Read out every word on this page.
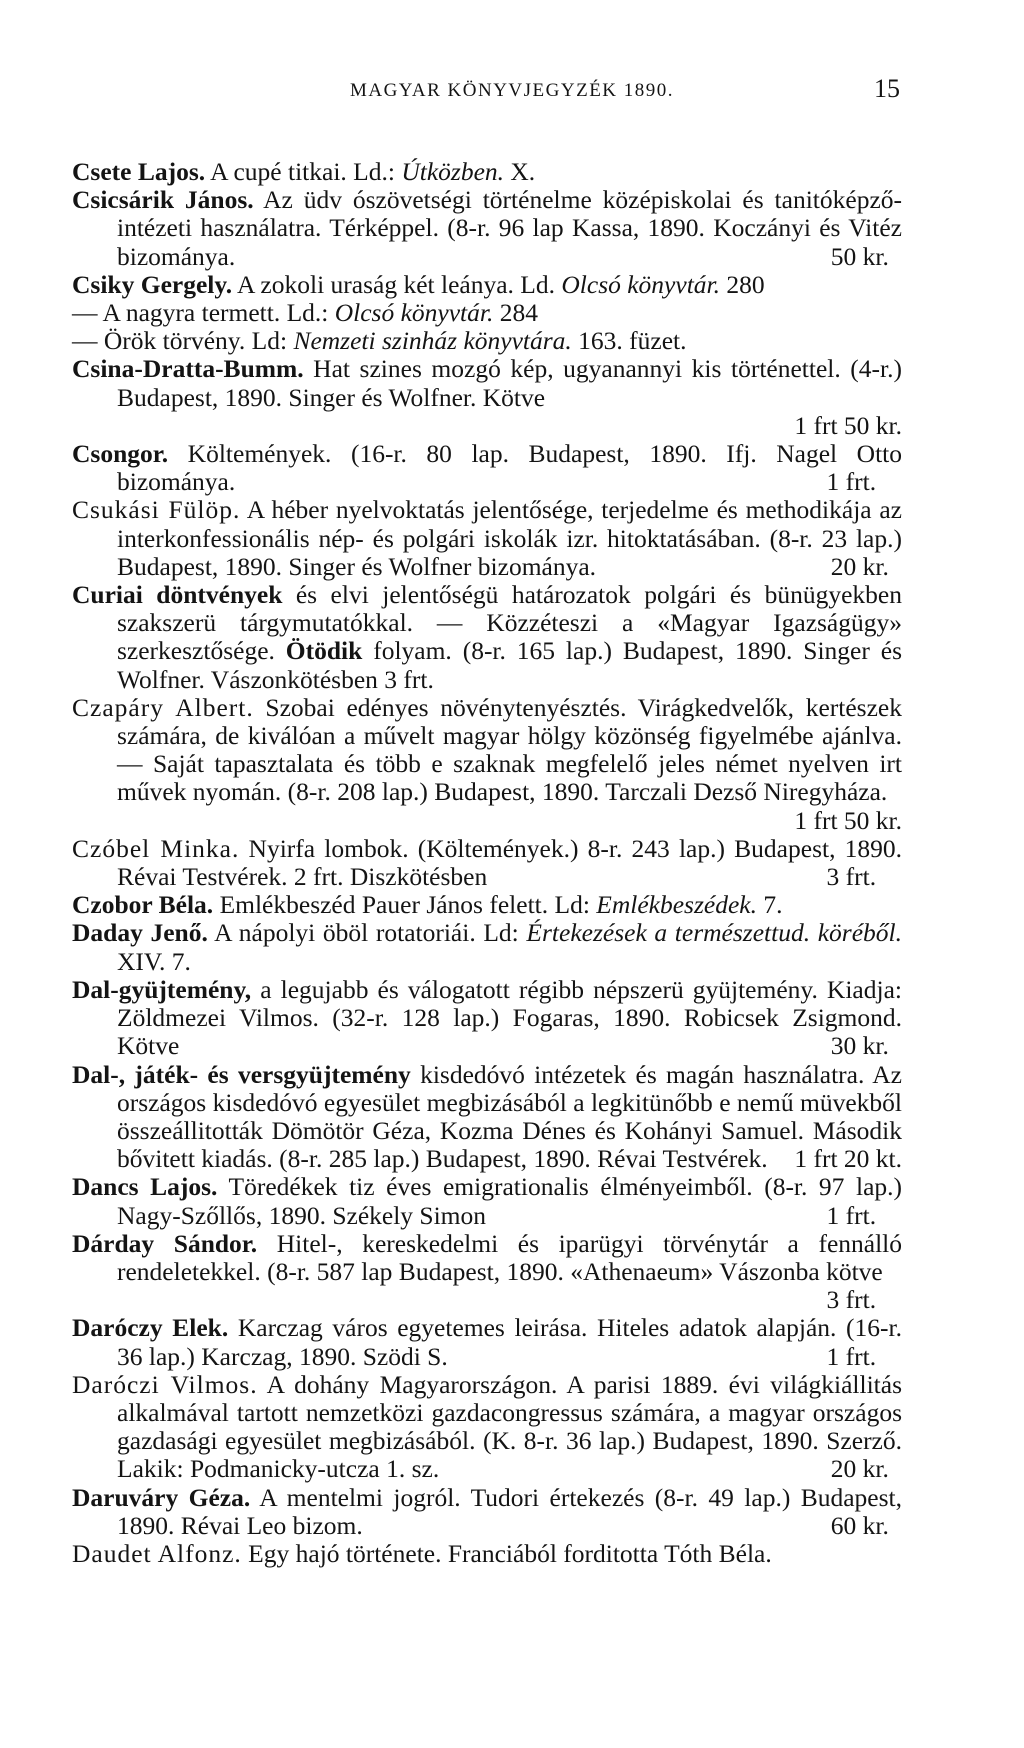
MAGYAR KÖNYVJEGYZÉK 1890.	15
Csete Lajos. A cupé titkai. Ld.: Útközben. X.
Csicsárik János. Az üdv ószövetségi történelme középiskolai és tanitóképző-intézeti használatra. Térképpel. (8-r. 96 lap Kassa, 1890. Koczányi és Vitéz bizománya.	50 kr.
Csiky Gergely. A zokoli uraság két leánya. Ld. Olcsó könyvtár. 280
— A nagyra termett. Ld.: Olcsó könyvtár. 284
— Örök törvény. Ld: Nemzeti szinház könyvtára. 163. füzet.
Csina-Dratta-Bumm. Hat szines mozgó kép, ugyanannyi kis történettel. (4-r.) Budapest, 1890. Singer és Wolfner. Kötve

1 frt 50 kr.
Csongor. Költemények. (16-r. 80 lap. Budapest, 1890. Ifj. Nagel Otto bizománya.	1 frt.
Csukási Fülöp. A héber nyelvoktatás jelentősége, terjedelme és methodikája az interkonfessionális nép- és polgári iskolák izr. hitoktatásában. (8-r. 23 lap.) Budapest, 1890. Singer és Wolfner bizománya.	20 kr.
Curiai döntvények és elvi jelentőségü határozatok polgári és bünügyekben szakszerü tárgymutatókkal. — Közzéteszi a «Magyar Igazságügy» szerkesztősége. Ötödik folyam. (8-r. 165 lap.) Budapest, 1890. Singer és Wolfner. Vászonkötésben 3 frt.
Czapáry Albert. Szobai edényes növénytenyésztés. Virágkedvelők, kertészek számára, de kiválóan a művelt magyar hölgy közönség figyelmébe ajánlva. — Saját tapasztalata és több e szaknak megfelelő jeles német nyelven irt művek nyomán. (8-r. 208 lap.) Budapest, 1890. Tarczali Dezső Niregyháza.
1 frt 50 kr.
Czóbel Minka. Nyirfa lombok. (Költemények.) 8-r. 243 lap.) Budapest, 1890. Révai Testvérek. 2 frt. Diszkötésben	3 frt.
Czobor Béla. Emlékbeszéd Pauer János felett. Ld: Emlékbeszédek. 7.
Daday Jenő. A nápolyi öböl rotatoriái. Ld: Értekezések a természettud. köréből. XIV. 7.
Dal-gyüjtemény, a legujabb és válogatott régibb népszerü gyüjtemény. Kiadja: Zöldmezei Vilmos. (32-r. 128 lap.) Fogaras, 1890. Robicsek Zsigmond. Kötve	30 kr.
Dal-, játék- és versgyüjtemény kisdedóvó intézetek és magán használatra. Az országos kisdedóvó egyesület megbizásából a legkitünőbb e nemű müvekből összeállitották Dömötör Géza, Kozma Dénes és Kohányi Samuel. Második bővitett kiadás. (8-r. 285 lap.) Budapest, 1890. Révai Testvérek. 1 frt 20 kt.
Dancs Lajos. Töredékek tiz éves emigrationalis élményeimből. (8-r. 97 lap.) Nagy-Szőllős, 1890. Székely Simon	1 frt.
Dárday Sándor. Hitel-, kereskedelmi és iparügyi törvénytár a fennálló rendeletekkel. (8-r. 587 lap Budapest, 1890. «Athenaeum» Vászonba kötve
3 frt.
Daróczy Elek. Karczag város egyetemes leirása. Hiteles adatok alapján. (16-r. 36 lap.) Karczag, 1890. Szödi S.	1 frt.
Daróczi Vilmos. A dohány Magyarországon. A parisi 1889. évi világkiállitás alkalmával tartott nemzetközi gazdacongressus számára, a magyar országos gazdasági egyesület megbizásából. (K. 8-r. 36 lap.) Budapest, 1890. Szerző. Lakik: Podmanicky-utcza 1. sz.	20 kr.
Daruváry Géza. A mentelmi jogról. Tudori értekezés (8-r. 49 lap.) Budapest, 1890. Révai Leo bizom.	60 kr.
Daudet Alfonz. Egy hajó története. Franciából forditotta Tóth Béla.
